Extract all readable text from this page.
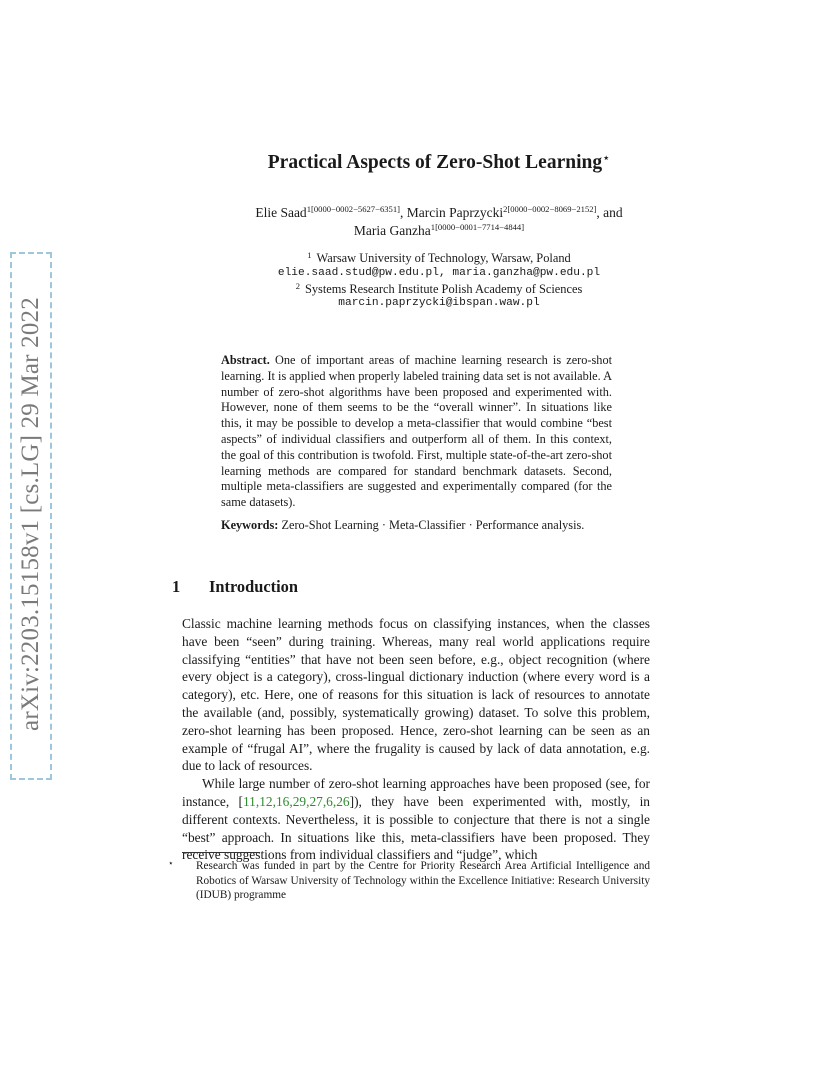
arXiv:2203.15158v1 [cs.LG] 29 Mar 2022
Practical Aspects of Zero-Shot Learning⋆
Elie Saad$^{1[0000-0002-5627-6351]}$, Marcin Paprzycki$^{2[0000-0002-8069-2152]}$, and
Maria Ganzha$^{1[0000-0001-7714-4844]}$
$^1$ Warsaw University of Technology, Warsaw, Poland
elie.saad.stud@pw.edu.pl, maria.ganzha@pw.edu.pl
$^2$ Systems Research Institute Polish Academy of Sciences
marcin.paprzycki@ibspan.waw.pl
Abstract. One of important areas of machine learning research is zero-shot learning. It is applied when properly labeled training data set is not available. A number of zero-shot algorithms have been proposed and experimented with. However, none of them seems to be the “overall winner”. In situations like this, it may be possible to develop a meta-classifier that would combine “best aspects” of individual classifiers and outperform all of them. In this context, the goal of this contribution is twofold. First, multiple state-of-the-art zero-shot learning methods are compared for standard benchmark datasets. Second, multiple meta-classifiers are suggested and experimentally compared (for the same datasets).
Keywords: Zero-Shot Learning · Meta-Classifier · Performance analysis.
1 Introduction

Classic machine learning methods focus on classifying instances, when the classes have been “seen” during training. Whereas, many real world applications require classifying “entities” that have not been seen before, e.g., object recognition (where every object is a category), cross-lingual dictionary induction (where every word is a category), etc. Here, one of reasons for this situation is lack of resources to annotate the available (and, possibly, systematically growing) dataset. To solve this problem, zero-shot learning has been proposed. Hence, zero-shot learning can be seen as an example of “frugal AI”, where the frugality is caused by lack of data annotation, e.g. due to lack of resources.

While large number of zero-shot learning approaches have been proposed (see, for instance, [11,12,16,29,27,6,26]), they have been experimented with, mostly, in different contexts. Nevertheless, it is possible to conjecture that there is not a single “best” approach. In situations like this, meta-classifiers have been proposed. They receive suggestions from individual classifiers and “judge”, which

⋆ Research was funded in part by the Centre for Priority Research Area Artificial Intelligence and Robotics of Warsaw University of Technology within the Excellence Initiative: Research University (IDUB) programme
